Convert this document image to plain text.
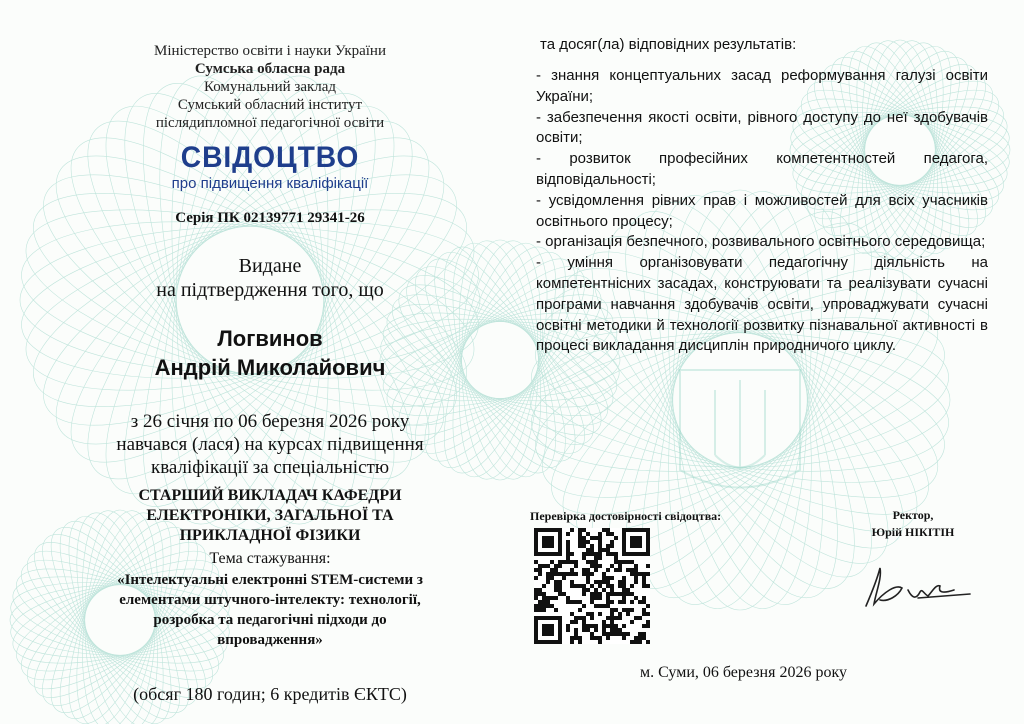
Міністерство освіти і науки України
Сумська обласна рада
Комунальний заклад
Сумський обласний інститут
післядипломної педагогічної освіти
СВІДОЦТВО
про підвищення кваліфікації
Серія ПК 02139771 29341-26
Видане
на підтвердження того, що
Логвинов
Андрій Миколайович
з 26 січня по 06 березня 2026 року
навчався (лася) на курсах підвищення
кваліфікації за спеціальністю
СТАРШИЙ ВИКЛАДАЧ КАФЕДРИ
ЕЛЕКТРОНІКИ, ЗАГАЛЬНОЇ ТА
ПРИКЛАДНОЇ ФІЗИКИ
Тема стажування:
«Інтелектуальні електронні STEM-системи з
елементами штучного-інтелекту: технології,
розробка та педагогічні підходи до
впровадження»
(обсяг 180 годин; 6 кредитів ЄКТС)
та досяг(ла) відповідних результатів:
- знання концептуальних засад реформування галузі освіти України;
- забезпечення якості освіти, рівного доступу до неї здобувачів освіти;
- розвиток професійних компетентностей педагога, відповідальності;
- усвідомлення рівних прав і можливостей для всіх учасників освітнього процесу;
- організація безпечного, розвивального освітнього середовища;
- уміння організовувати педагогічну діяльність на компетентнісних засадах, конструювати та реалізувати сучасні програми навчання здобувачів освіти, упроваджувати сучасні освітні методики й технології розвитку пізнавальної активності в процесі викладання дисциплін природничого циклу.
Перевірка достовірності свідоцтва:	Ректор,
Юрій НІКІТІН
м. Суми, 06 березня 2026 року
